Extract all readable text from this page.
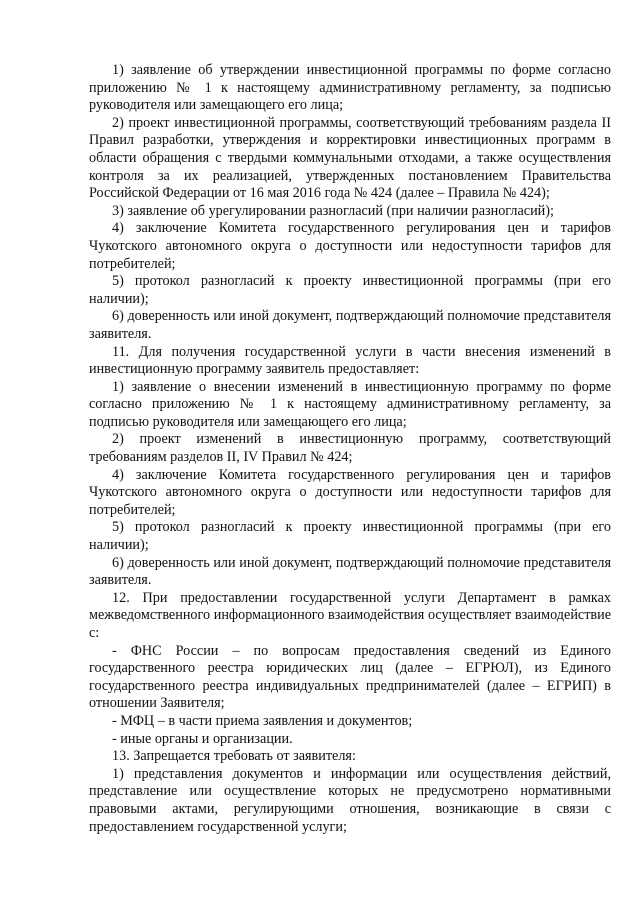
1) заявление об утверждении инвестиционной программы по форме согласно приложению № 1 к настоящему административному регламенту, за подписью руководителя или замещающего его лица;

2) проект инвестиционной программы, соответствующий требованиям раздела II Правил разработки, утверждения и корректировки инвестиционных программ в области обращения с твердыми коммунальными отходами, а также осуществления контроля за их реализацией, утвержденных постановлением Правительства Российской Федерации от 16 мая 2016 года № 424 (далее – Правила № 424);

3) заявление об урегулировании разногласий (при наличии разногласий);

4) заключение Комитета государственного регулирования цен и тарифов Чукотского автономного округа о доступности или недоступности тарифов для потребителей;

5) протокол разногласий к проекту инвестиционной программы (при его наличии);

6) доверенность или иной документ, подтверждающий полномочие представителя заявителя.

11. Для получения государственной услуги в части внесения изменений в инвестиционную программу заявитель предоставляет:

1) заявление о внесении изменений в инвестиционную программу по форме согласно приложению № 1 к настоящему административному регламенту, за подписью руководителя или замещающего его лица;

2) проект изменений в инвестиционную программу, соответствующий требованиям разделов II, IV Правил № 424;

4) заключение Комитета государственного регулирования цен и тарифов Чукотского автономного округа о доступности или недоступности тарифов для потребителей;

5) протокол разногласий к проекту инвестиционной программы (при его наличии);

6) доверенность или иной документ, подтверждающий полномочие представителя заявителя.

12. При предоставлении государственной услуги Департамент в рамках межведомственного информационного взаимодействия осуществляет взаимодействие с:

- ФНС России – по вопросам предоставления сведений из Единого государственного реестра юридических лиц (далее – ЕГРЮЛ), из Единого государственного реестра индивидуальных предпринимателей (далее – ЕГРИП) в отношении Заявителя;

- МФЦ – в части приема заявления и документов;

- иные органы и организации.

13. Запрещается требовать от заявителя:

1) представления документов и информации или осуществления действий, представление или осуществление которых не предусмотрено нормативными правовыми актами, регулирующими отношения, возникающие в связи с предоставлением государственной услуги;
